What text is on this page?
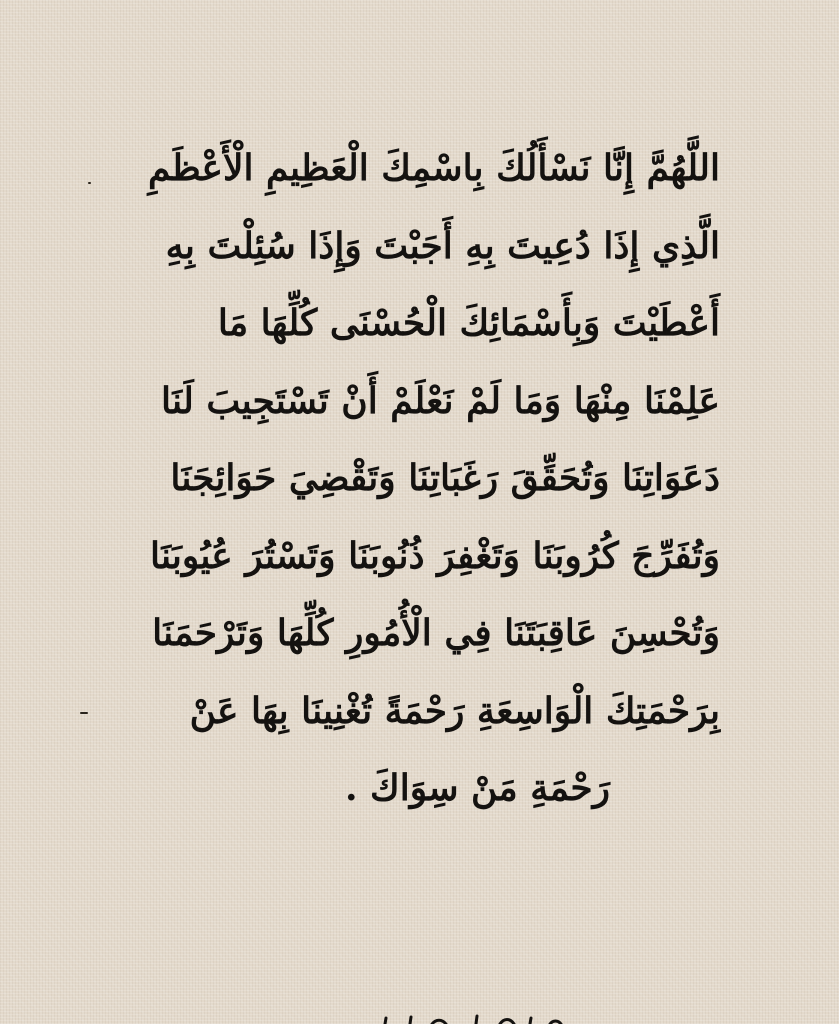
اللَّهُمَّ إِنَّا نَسْأَلُكَ بِاسْمِكَ الْعَظِيمِ الْأَعْظَمِ
الَّذِي إِذَا دُعِيتَ بِهِ أَجَبْتَ وَإِذَا سُئِلْتَ بِهِ
أَعْطَيْتَ وَبِأَسْمَائِكَ الْحُسْنَى كُلِّهَا مَا
عَلِمْنَا مِنْهَا وَمَا لَمْ نَعْلَمْ أَنْ تَسْتَجِيبَ لَنَا
دَعَوَاتِنَا وَتُحَقِّقَ رَغَبَاتِنَا وَتَقْضِيَ حَوَائِجَنَا
وَتُفَرِّجَ كُرُوبَنَا وَتَغْفِرَ ذُنُوبَنَا وَتَسْتُرَ عُيُوبَنَا
وَتُحْسِنَ عَاقِبَتَنَا فِي الْأُمُورِ كُلِّهَا وَتَرْحَمَنَا
بِرَحْمَتِكَ الْوَاسِعَةِ رَحْمَةً تُغْنِينَا بِهَا عَنْ
رَحْمَةِ مَنْ سِوَاكَ .
